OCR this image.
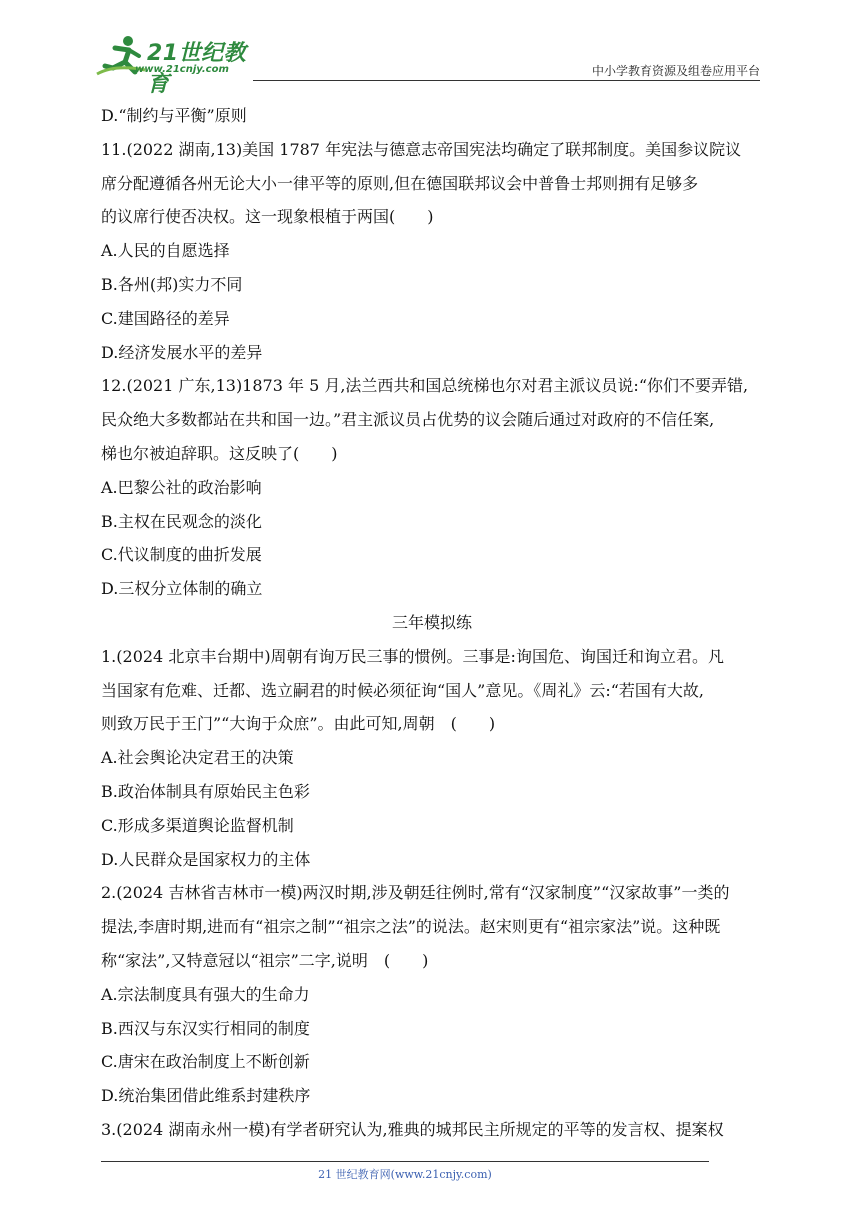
21世纪教育
www.21cnjy.com	中小学教育资源及组卷应用平台
D.“制约与平衡”原则
11.(2022 湖南,13)美国 1787 年宪法与德意志帝国宪法均确定了联邦制度。美国参议院议
席分配遵循各州无论大小一律平等的原则,但在德国联邦议会中普鲁士邦则拥有足够多
的议席行使否决权。这一现象根植于两国(　　)
A.人民的自愿选择
B.各州(邦)实力不同
C.建国路径的差异
D.经济发展水平的差异
12.(2021 广东,13)1873 年 5 月,法兰西共和国总统梯也尔对君主派议员说:“你们不要弄错,
民众绝大多数都站在共和国一边。”君主派议员占优势的议会随后通过对政府的不信任案,
梯也尔被迫辞职。这反映了(　　)
A.巴黎公社的政治影响
B.主权在民观念的淡化
C.代议制度的曲折发展
D.三权分立体制的确立
三年模拟练
1.(2024 北京丰台期中)周朝有询万民三事的惯例。三事是:询国危、询国迁和询立君。凡
当国家有危难、迁都、选立嗣君的时候必须征询“国人”意见。《周礼》云:“若国有大故,
则致万民于王门”“大询于众庶”。由此可知,周朝　(　　)
A.社会舆论决定君王的决策
B.政治体制具有原始民主色彩
C.形成多渠道舆论监督机制
D.人民群众是国家权力的主体
2.(2024 吉林省吉林市一模)两汉时期,涉及朝廷往例时,常有“汉家制度”“汉家故事”一类的
提法,李唐时期,进而有“祖宗之制”“祖宗之法”的说法。赵宋则更有“祖宗家法”说。这种既
称“家法”,又特意冠以“祖宗”二字,说明　(　　)
A.宗法制度具有强大的生命力
B.西汉与东汉实行相同的制度
C.唐宋在政治制度上不断创新
D.统治集团借此维系封建秩序
3.(2024 湖南永州一模)有学者研究认为,雅典的城邦民主所规定的平等的发言权、提案权
21 世纪教育网(www.21cnjy.com)
